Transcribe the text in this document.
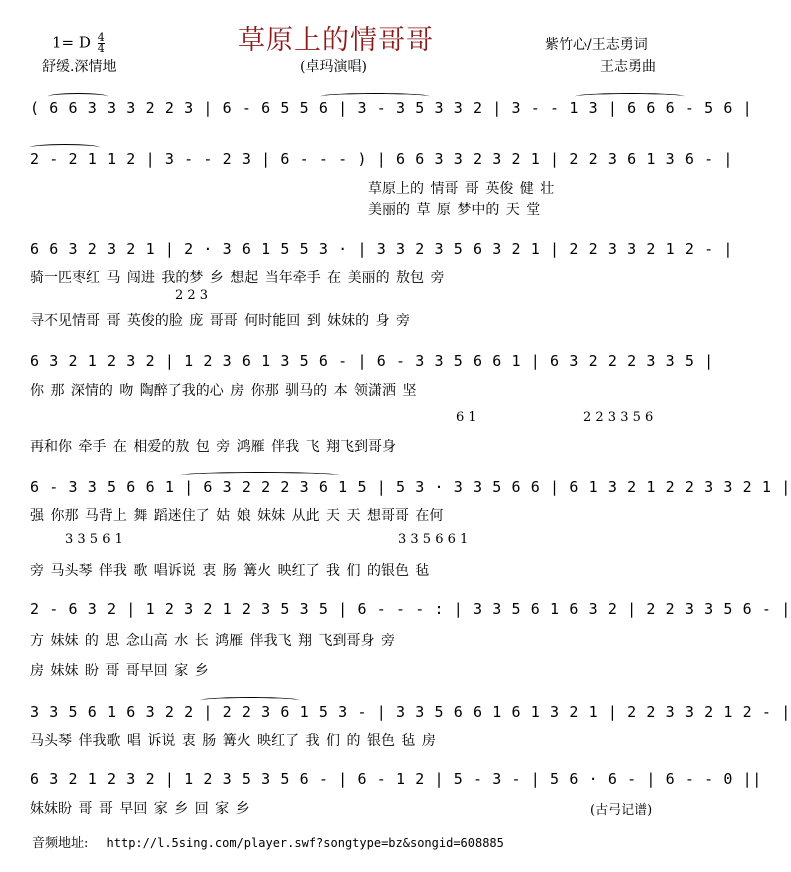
草原上的情哥哥
1= D $\frac{4}{4}$
舒缓.深情地	(卓玛演唱)
紫竹心/王志勇词
王志勇曲
( 6 6 3 3 3 2 2 3 | 6 - 6 5 5 6 | 3 - 3 5 3 3 2 | 3 - - 1 3 | 6 6 6 - 5 6 |
2 - 2 1 1 2 | 3 - - 2 3 | 6 - - - ) | 6 6 3 3 2 3 2 1 | 2 2 3 6 1 3 6 - |
草原上的 情哥 哥 英俊 健 壮
美丽的 草 原 梦中的 天 堂
6 6 3 2 3 2 1 | 2 · 3 6 1 5 5 3 · | 3 3 2 3 5 6 3 2 1 | 2 2 3 3 2 1 2 - |
骑一匹枣红 马 闯进 我的梦 乡 想起 当年牵手 在 美丽的 敖包 旁
2 2 3
寻不见情哥 哥 英俊的脸 庞 哥哥 何时能回 到 妹妹的 身 旁
6 3 2 1 2 3 2 | 1 2 3 6 1 3 5 6 - | 6 - 3 3 5 6 6 1 | 6 3 2 2 2 3 3 5 |
你 那 深情的 吻 陶醉了我的心 房 你那 驯马的 本 领潇洒 坚
6 1	2 2 3 3 5 6
再和你 牵手 在 相爱的敖 包 旁 鸿雁 伴我 飞 翔飞到哥身
6 - 3 3 5 6 6 1 | 6 3 2 2 2 3 6 1 5 | 5 3 · 3 3 5 6 6 | 6 1 3 2 1 2 2 3 3 2 1 |
强 你那 马背上 舞 蹈迷住了 姑 娘 妹妹 从此 天 天 想哥哥 在何
3 3 5 6 1	3 3 5 6 6 1
旁 马头琴 伴我 歌 唱诉说 衷 肠 篝火 映红了 我 们 的银色 毡
2 - 6 3 2 | 1 2 3 2 1 2 3 5 3 5 | 6 - - - : | 3 3 5 6 1 6 3 2 | 2 2 3 3 5 6 - |
方 妹妹 的 思 念山高 水 长 鸿雁 伴我飞 翔 飞到哥身 旁
房 妹妹 盼 哥 哥早回 家 乡
3 3 5 6 1 6 3 2 2 | 2 2 3 6 1 5 3 - | 3 3 5 6 6 1 6 1 3 2 1 | 2 2 3 3 2 1 2 - |
马头琴 伴我歌 唱 诉说 衷 肠 篝火 映红了 我 们 的 银色 毡 房
6 3 2 1 2 3 2 | 1 2 3 5 3 5 6 - | 6 - 1 2 | 5 - 3 - | 5 6 · 6 - | 6 - - 0 ||
妹妹盼 哥 哥 早回 家 乡 回 家 乡	(古弓记谱)
音频地址: http://l.5sing.com/player.swf?songtype=bz&songid=608885
